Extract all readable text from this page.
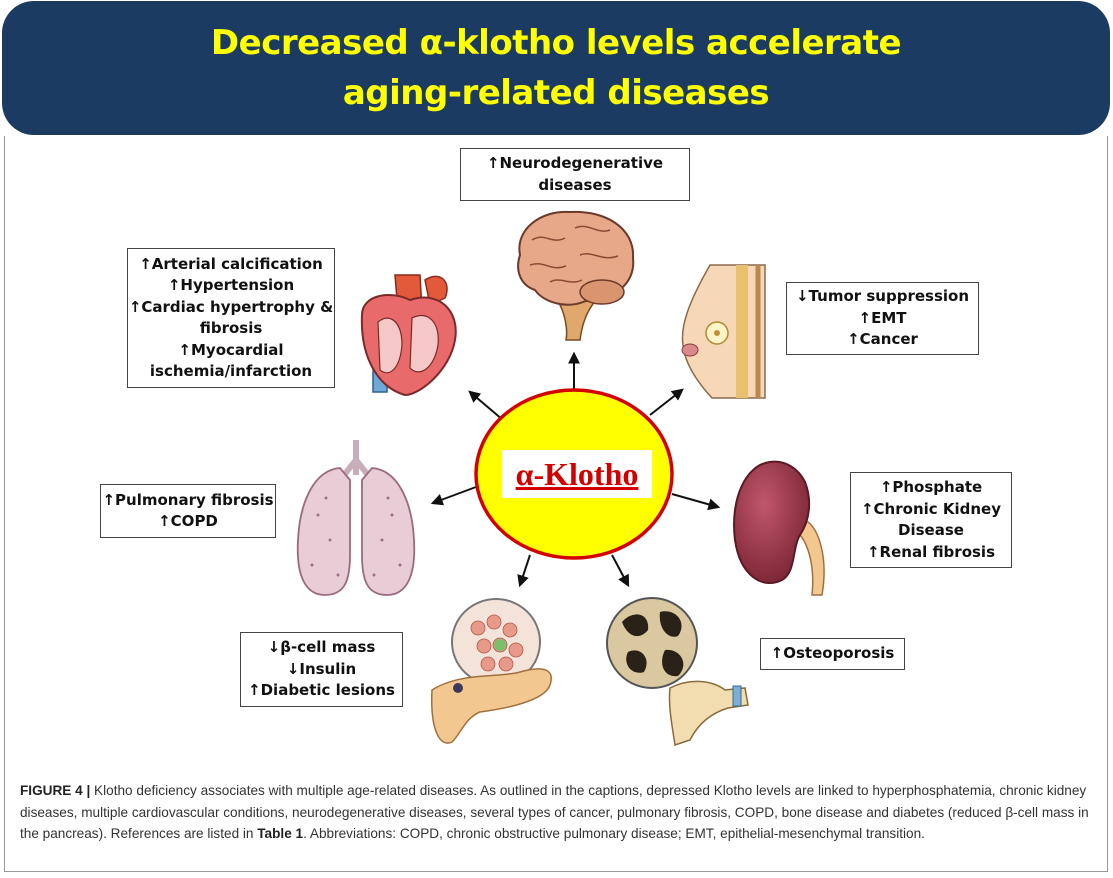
Decreased α-klotho levels accelerate
aging-related diseases
↑Neurodegenerative
diseases
↑Arterial calcification
↑Hypertension
↑Cardiac hypertrophy &
fibrosis
↑Myocardial
ischemia/infarction
↓Tumor suppression
↑EMT
↑Cancer
↑Pulmonary fibrosis
↑COPD
↑Phosphate
↑Chronic Kidney
Disease
↑Renal fibrosis
↓β-cell mass
↓Insulin
↑Diabetic lesions
↑Osteoporosis
α-Klotho
FIGURE 4 | Klotho deficiency associates with multiple age-related diseases. As outlined in the captions, depressed Klotho levels are linked to hyperphosphatemia, chronic kidney diseases, multiple cardiovascular conditions, neurodegenerative diseases, several types of cancer, pulmonary fibrosis, COPD, bone disease and diabetes (reduced β-cell mass in the pancreas). References are listed in Table 1. Abbreviations: COPD, chronic obstructive pulmonary disease; EMT, epithelial-mesenchymal transition.
